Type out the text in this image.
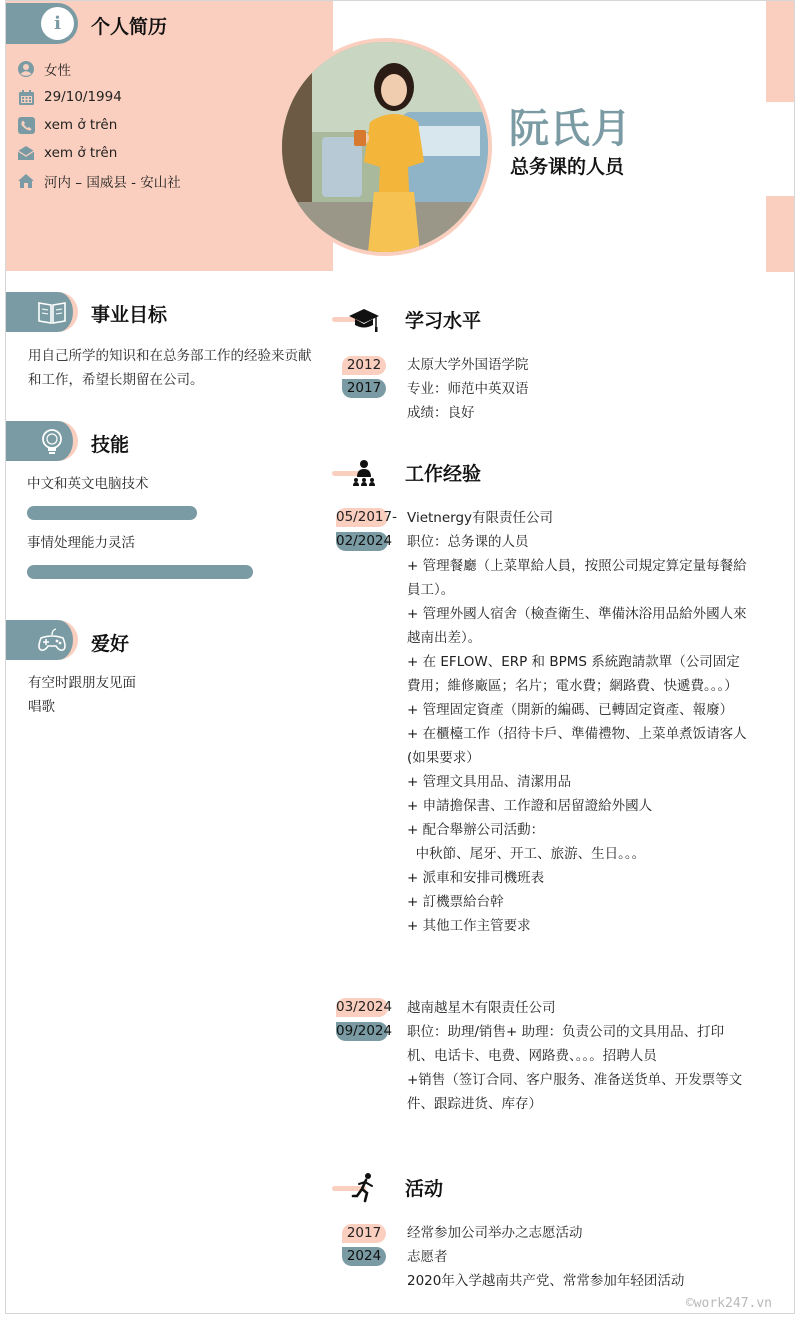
i	个人简历
女性
29/10/1994
xem ở trên
xem ở trên
河内 – 国威县 - 安山社
阮氏月
总务课的人员
事业目标
用自己所学的知识和在总务部工作的经验来贡献和工作，希望长期留在公司。
技能
中文和英文电脑技术
事情处理能力灵活
爱好
有空时跟朋友见面
唱歌
学习水平
2012
2017
太原大学外国语学院
专业：师范中英双语
成绩：良好
工作经验
05/2017-
02/2024
Vietnergy有限责任公司
职位：总务课的人员
+ 管理餐廳（上菜單給人員，按照公司規定算定量每餐給員工）。
+ 管理外國人宿舍（檢查衛生、準備沐浴用品給外國人來越南出差）。
+ 在 EFLOW、ERP 和 BPMS 系統跑請款單（公司固定費用；維修廠區；名片；電水費；網路費、快遞費。。。）
+ 管理固定資產（開新的編碼、已轉固定資產、報廢）
+ 在櫃檯工作（招待卡戶、準備禮物、上菜单煮饭请客人(如果要求）
+ 管理文具用品、清潔用品
+ 申請擔保書、工作證和居留證給外國人
+ 配合舉辦公司活動：
中秋節、尾牙、开工、旅游、生日。。。
+ 派車和安排司機班表
+ 訂機票給台幹
+ 其他工作主管要求
03/2024
09/2024
越南越星木有限责任公司
职位：助理/销售+ 助理：负责公司的文具用品、打印机、电话卡、电费、网路费、。。。招聘人员
+销售（签订合同、客户服务、准备送货单、开发票等文件、跟踪进货、库存）
活动
2017
2024
经常参加公司举办之志愿活动
志愿者
2020年入学越南共产党、常常参加年轻团活动
©work247.vn
